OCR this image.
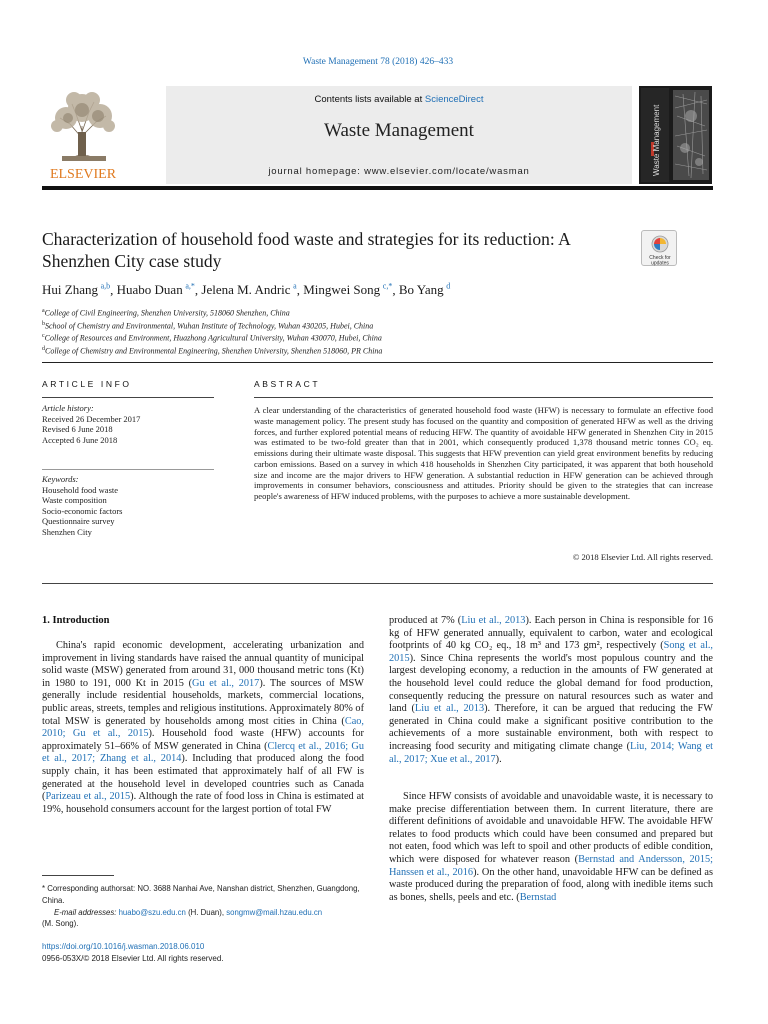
Waste Management 78 (2018) 426–433
ELSEVIER
Contents lists available at ScienceDirect
Waste Management
journal homepage: www.elsevier.com/locate/wasman	Waste Management
Characterization of household food waste and strategies for its reduction: A Shenzhen City case study	Check for
updates
Hui Zhang  $^{a,b}$, Huabo Duan  $^{a,*}$, Jelena M. Andric  $^a$, Mingwei Song  $^{c,*}$, Bo Yang  $^d$
$^a$College of Civil Engineering, Shenzhen University, 518060 Shenzhen, China
$^b$School of Chemistry and Environmental, Wuhan Institute of Technology, Wuhan 430205, Hubei, China
$^c$College of Resources and Environment, Huazhong Agricultural University, Wuhan 430070, Hubei, China
$^d$College of Chemistry and Environmental Engineering, Shenzhen University, Shenzhen 518060, PR China
ARTICLE INFO	ABSTRACT
Article history:
Received 26 December 2017
Revised 6 June 2018
Accepted 6 June 2018
Keywords:
Household food waste
Waste composition
Socio-economic factors
Questionnaire survey
Shenzhen City
A clear understanding of the characteristics of generated household food waste (HFW) is necessary to formulate an effective food waste management policy. The present study has focused on the quantity and composition of generated HFW as well as the driving forces, and further explored potential means of reducing HFW. The quantity of avoidable HFW generated in Shenzhen City in 2015 was estimated to be two-fold greater than that in 2001, which consequently produced 1,378 thousand metric tonnes CO₂ eq. emissions during their ultimate waste disposal. This suggests that HFW prevention can yield great environment benefits by reducing carbon emissions. Based on a survey in which 418 households in Shenzhen City participated, it was apparent that both household size and income are the major drivers to HFW generation. A substantial reduction in HFW generation can be achieved through improvements in consumer behaviors, consciousness and attitudes. Priority should be given to the strategies that can increase people's awareness of HFW induced problems, with the purposes to achieve a more sustainable development.
© 2018 Elsevier Ltd. All rights reserved.
1. Introduction
China's rapid economic development, accelerating urbanization and improvement in living standards have raised the annual quantity of municipal solid waste (MSW) generated from around 31, 000 thousand metric tons (Kt) in 1980 to 191, 000 Kt in 2015 (Gu et al., 2017). The sources of MSW generally include residential households, markets, commercial locations, public areas, streets, temples and religious institutions. Approximately 80% of total MSW is generated by households among most cities in China (Cao, 2010; Gu et al., 2015). Household food waste (HFW) accounts for approximately 51–66% of MSW generated in China (Clercq et al., 2016; Gu et al., 2017; Zhang et al., 2014). Including that produced along the food supply chain, it has been estimated that approximately half of all FW is generated at the household level in developed countries such as Canada (Parizeau et al., 2015). Although the rate of food loss in China is estimated at 19%, household consumers account for the largest portion of total FW
produced at 7% (Liu et al., 2013). Each person in China is responsible for 16 kg of HFW generated annually, equivalent to carbon, water and ecological footprints of 40 kg CO₂ eq., 18 m³ and 173 gm², respectively (Song et al., 2015). Since China represents the world's most populous country and the largest developing economy, a reduction in the amounts of FW generated at the household level could reduce the global demand for food production, consequently reducing the pressure on natural resources such as water and land (Liu et al., 2013). Therefore, it can be argued that reducing the FW generated in China could make a significant positive contribution to the achievements of a more sustainable environment, both with respect to increasing food security and mitigating climate change (Liu, 2014; Wang et al., 2017; Xue et al., 2017).
Since HFW consists of avoidable and unavoidable waste, it is necessary to make precise differentiation between them. In current literature, there are different definitions of avoidable and unavoidable HFW. The avoidable HFW relates to food products which could have been consumed and prepared but not eaten, food which was left to spoil and other products of edible condition, which were disposed for whatever reason (Bernstad and Andersson, 2015; Hanssen et al., 2016). On the other hand, unavoidable HFW can be defined as waste produced during the preparation of food, along with inedible items such as bones, shells, peels and etc. (Bernstad
* Corresponding authorsat: NO. 3688 Nanhai Ave, Nanshan district, Shenzhen, Guangdong, China.
E-mail addresses: huabo@szu.edu.cn (H. Duan), songmw@mail.hzau.edu.cn
(M. Song).
https://doi.org/10.1016/j.wasman.2018.06.010
0956-053X/© 2018 Elsevier Ltd. All rights reserved.
